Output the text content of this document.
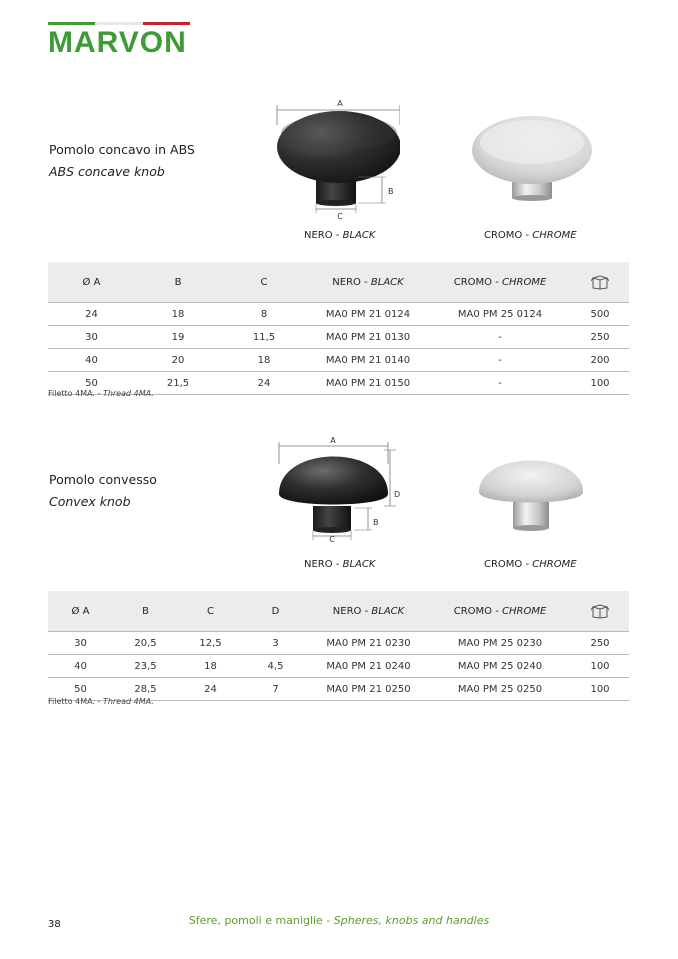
MARVON
Pomolo concavo in ABS
ABS concave knob
A
B
C
NERO - BLACK	CROMO - CHROME
Ø A	B	C	NERO - BLACK	CROMO - CHROME	
24	18	8	MA0 PM 21 0124	MA0 PM 25 0124	500
30	19	11,5	MA0 PM 21 0130	-	250
40	20	18	MA0 PM 21 0140	-	200
50	21,5	24	MA0 PM 21 0150	-	100
Filetto 4MA. - Thread 4MA.
Pomolo convesso
Convex knob
A
D
B
C
NERO - BLACK	CROMO - CHROME
Ø A	B	C	D	NERO - BLACK	CROMO - CHROME	
30	20,5	12,5	3	MA0 PM 21 0230	MA0 PM 25 0230	250
40	23,5	18	4,5	MA0 PM 21 0240	MA0 PM 25 0240	100
50	28,5	24	7	MA0 PM 21 0250	MA0 PM 25 0250	100
Filetto 4MA. - Thread 4MA.
38	Sfere, pomoli e maniglie - Spheres, knobs and handles
